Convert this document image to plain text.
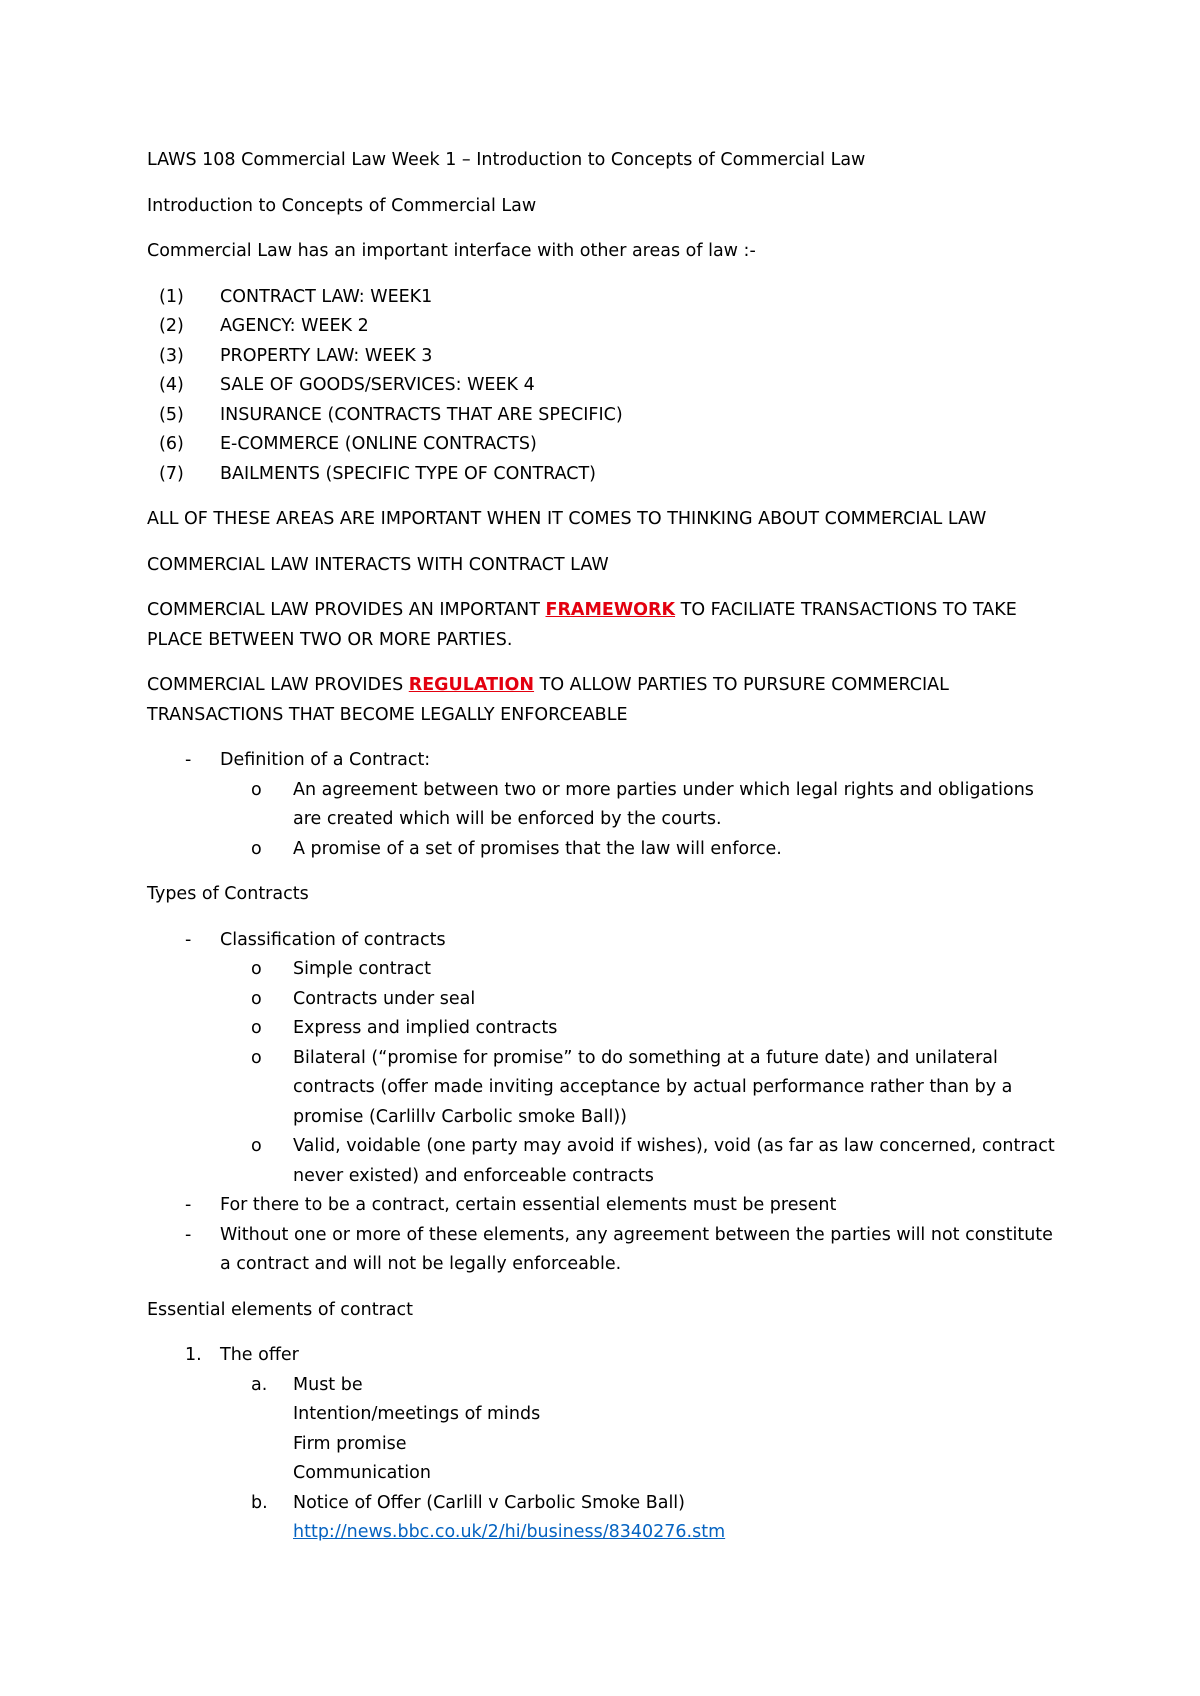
LAWS 108 Commercial Law Week 1 – Introduction to Concepts of Commercial Law

Introduction to Concepts of Commercial Law

Commercial Law has an important interface with other areas of law :-

(1) CONTRACT LAW: WEEK1
(2) AGENCY: WEEK 2
(3) PROPERTY LAW: WEEK 3
(4) SALE OF GOODS/SERVICES: WEEK 4
(5) INSURANCE (CONTRACTS THAT ARE SPECIFIC)
(6) E-COMMERCE (ONLINE CONTRACTS)
(7) BAILMENTS (SPECIFIC TYPE OF CONTRACT)

ALL OF THESE AREAS ARE IMPORTANT WHEN IT COMES TO THINKING ABOUT COMMERCIAL LAW

COMMERCIAL LAW INTERACTS WITH CONTRACT LAW

COMMERCIAL LAW PROVIDES AN IMPORTANT FRAMEWORK TO FACILIATE TRANSACTIONS TO TAKE PLACE BETWEEN TWO OR MORE PARTIES.

COMMERCIAL LAW PROVIDES REGULATION TO ALLOW PARTIES TO PURSURE COMMERCIAL TRANSACTIONS THAT BECOME LEGALLY ENFORCEABLE

- Definition of a Contract:
o An agreement between two or more parties under which legal rights and obligations are created which will be enforced by the courts.
o A promise of a set of promises that the law will enforce.

Types of Contracts

- Classification of contracts
o Simple contract
o Contracts under seal
o Express and implied contracts
o Bilateral (“promise for promise” to do something at a future date) and unilateral contracts (offer made inviting acceptance by actual performance rather than by a promise (Carlillv Carbolic smoke Ball))
o Valid, voidable (one party may avoid if wishes), void (as far as law concerned, contract never existed) and enforceable contracts
- For there to be a contract, certain essential elements must be present
- Without one or more of these elements, any agreement between the parties will not constitute a contract and will not be legally enforceable.

Essential elements of contract

1. The offer
a. Must be
Intention/meetings of minds
Firm promise
Communication
b. Notice of Offer (Carlill v Carbolic Smoke Ball)
http://news.bbc.co.uk/2/hi/business/8340276.stm
